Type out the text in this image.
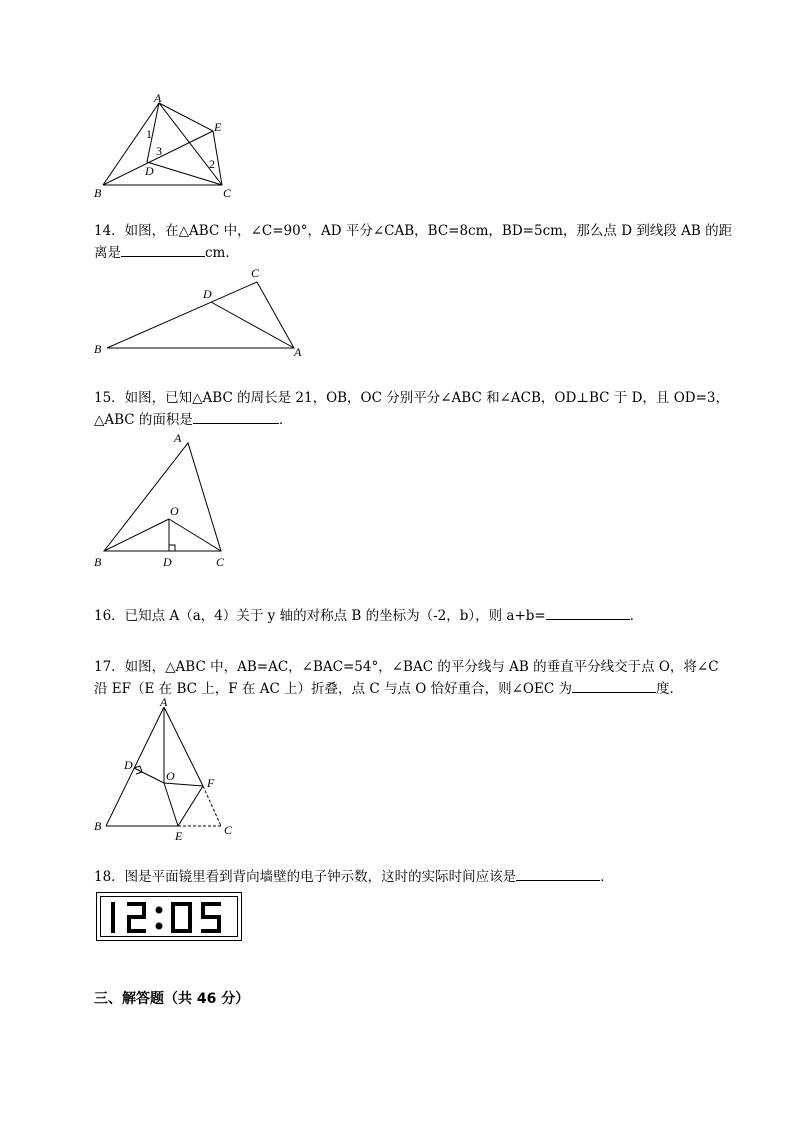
A
E
B	C
D
1
2
3
14．如图，在△ABC 中，∠C=90°，AD 平分∠CAB，BC=8cm，BD=5cm，那么点 D 到线段 AB 的距
离是	cm．
C
D
B	A
15．如图，已知△ABC 的周长是 21，OB，OC 分别平分∠ABC 和∠ACB，OD⊥BC 于 D，且 OD=3，
△ABC 的面积是	．
A
O
B	D	C
16．已知点 A（a，4）关于 y 轴的对称点 B 的坐标为（-2，b），则 a+b=	．
17．如图，△ABC 中，AB=AC，∠BAC=54°，∠BAC 的平分线与 AB 的垂直平分线交于点 O，将∠C
沿 EF（E 在 BC 上，F 在 AC 上）折叠，点 C 与点 O 恰好重合，则∠OEC 为	度．
A
D
O	F
B
E	C
18．图是平面镜里看到背向墙壁的电子钟示数，这时的实际时间应该是	．
三、解答题（共 46 分）
